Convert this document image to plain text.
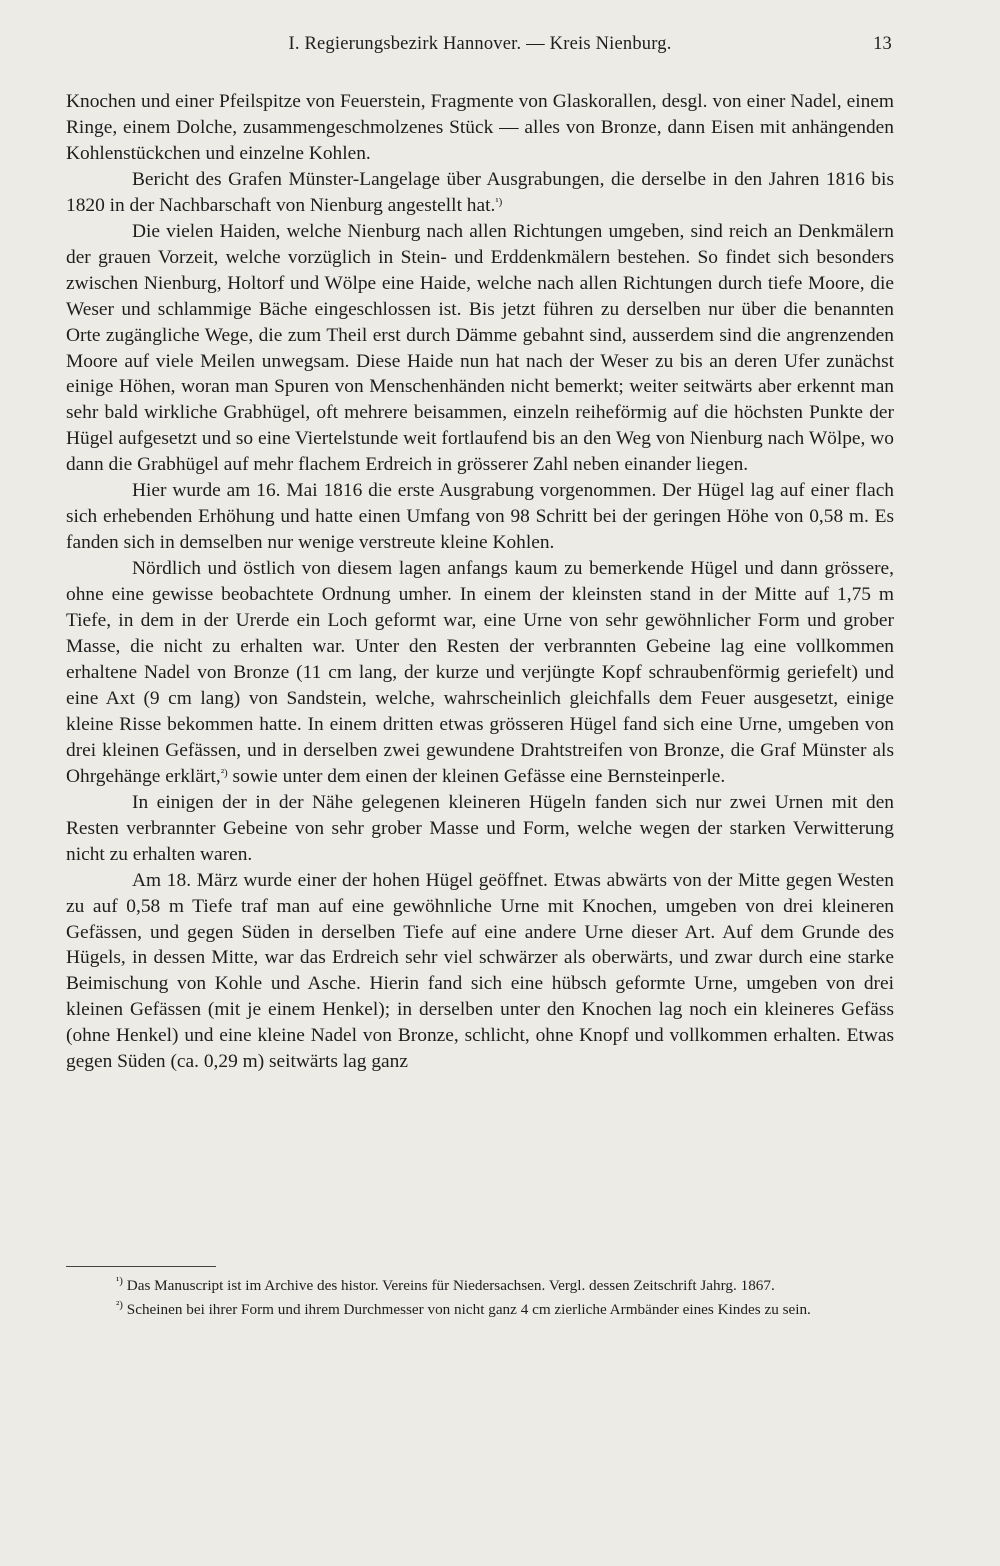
I. Regierungsbezirk Hannover. — Kreis Nienburg.	13

Knochen und einer Pfeilspitze von Feuerstein, Fragmente von Glaskorallen, desgl. von einer Nadel, einem Ringe, einem Dolche, zusammengeschmolzenes Stück — alles von Bronze, dann Eisen mit anhängenden Kohlenstückchen und einzelne Kohlen.

Bericht des Grafen Münster-Langelage über Ausgrabungen, die derselbe in den Jahren 1816 bis 1820 in der Nachbarschaft von Nienburg angestellt hat.$^{^1)}$

Die vielen Haiden, welche Nienburg nach allen Richtungen umgeben, sind reich an Denkmälern der grauen Vorzeit, welche vorzüglich in Stein- und Erddenkmälern bestehen. So findet sich besonders zwischen Nienburg, Holtorf und Wölpe eine Haide, welche nach allen Richtungen durch tiefe Moore, die Weser und schlammige Bäche eingeschlossen ist. Bis jetzt führen zu derselben nur über die benannten Orte zugängliche Wege, die zum Theil erst durch Dämme gebahnt sind, ausserdem sind die angrenzenden Moore auf viele Meilen unwegsam. Diese Haide nun hat nach der Weser zu bis an deren Ufer zunächst einige Höhen, woran man Spuren von Menschenhänden nicht bemerkt; weiter seitwärts aber erkennt man sehr bald wirkliche Grabhügel, oft mehrere beisammen, einzeln reiheförmig auf die höchsten Punkte der Hügel aufgesetzt und so eine Viertelstunde weit fortlaufend bis an den Weg von Nienburg nach Wölpe, wo dann die Grabhügel auf mehr flachem Erdreich in grösserer Zahl neben einander liegen.

Hier wurde am 16. Mai 1816 die erste Ausgrabung vorgenommen. Der Hügel lag auf einer flach sich erhebenden Erhöhung und hatte einen Umfang von 98 Schritt bei der geringen Höhe von 0,58 m. Es fanden sich in demselben nur wenige verstreute kleine Kohlen.

Nördlich und östlich von diesem lagen anfangs kaum zu bemerkende Hügel und dann grössere, ohne eine gewisse beobachtete Ordnung umher. In einem der kleinsten stand in der Mitte auf 1,75 m Tiefe, in dem in der Urerde ein Loch geformt war, eine Urne von sehr gewöhnlicher Form und grober Masse, die nicht zu erhalten war. Unter den Resten der verbrannten Gebeine lag eine vollkommen erhaltene Nadel von Bronze (11 cm lang, der kurze und verjüngte Kopf schraubenförmig geriefelt) und eine Axt (9 cm lang) von Sandstein, welche, wahrscheinlich gleichfalls dem Feuer ausgesetzt, einige kleine Risse bekommen hatte. In einem dritten etwas grösseren Hügel fand sich eine Urne, umgeben von drei kleinen Gefässen, und in derselben zwei gewundene Drahtstreifen von Bronze, die Graf Münster als Ohrgehänge erklärt,$^{^2)}$ sowie unter dem einen der kleinen Gefässe eine Bernsteinperle.

In einigen der in der Nähe gelegenen kleineren Hügeln fanden sich nur zwei Urnen mit den Resten verbrannter Gebeine von sehr grober Masse und Form, welche wegen der starken Verwitterung nicht zu erhalten waren.

Am 18. März wurde einer der hohen Hügel geöffnet. Etwas abwärts von der Mitte gegen Westen zu auf 0,58 m Tiefe traf man auf eine gewöhnliche Urne mit Knochen, umgeben von drei kleineren Gefässen, und gegen Süden in derselben Tiefe auf eine andere Urne dieser Art. Auf dem Grunde des Hügels, in dessen Mitte, war das Erdreich sehr viel schwärzer als oberwärts, und zwar durch eine starke Beimischung von Kohle und Asche. Hierin fand sich eine hübsch geformte Urne, umgeben von drei kleinen Gefässen (mit je einem Henkel); in derselben unter den Knochen lag noch ein kleineres Gefäss (ohne Henkel) und eine kleine Nadel von Bronze, schlicht, ohne Knopf und vollkommen erhalten. Etwas gegen Süden (ca. 0,29 m) seitwärts lag ganz

$^{^1)}$ Das Manuscript ist im Archive des histor. Vereins für Niedersachsen. Vergl. dessen Zeitschrift Jahrg. 1867.

$^{^2)}$ Scheinen bei ihrer Form und ihrem Durchmesser von nicht ganz 4 cm zierliche Armbänder eines Kindes zu sein.
